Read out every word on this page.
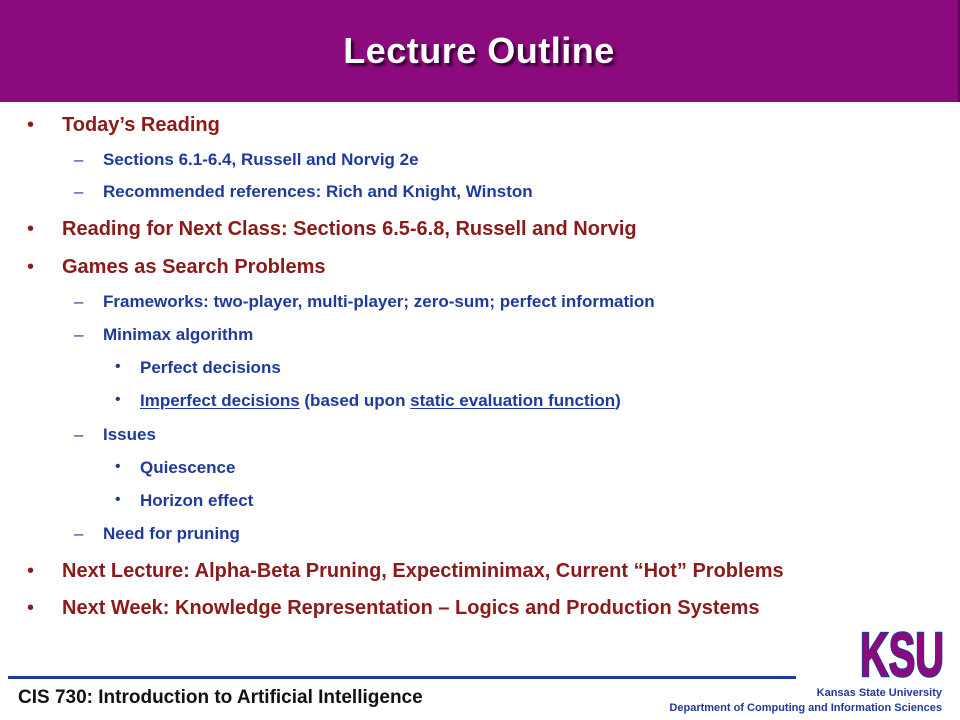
Lecture Outline
• Today’s Reading
– Sections 6.1-6.4, Russell and Norvig 2e
– Recommended references: Rich and Knight, Winston
• Reading for Next Class: Sections 6.5-6.8, Russell and Norvig
• Games as Search Problems
– Frameworks: two-player, multi-player; zero-sum; perfect information
– Minimax algorithm
• Perfect decisions
• Imperfect decisions (based upon static evaluation function)
– Issues
• Quiescence
• Horizon effect
– Need for pruning
• Next Lecture: Alpha-Beta Pruning, Expectiminimax, Current “Hot” Problems
• Next Week: Knowledge Representation – Logics and Production Systems
KSU
CIS 730: Introduction to Artificial Intelligence	Kansas State University
Department of Computing and Information Sciences
